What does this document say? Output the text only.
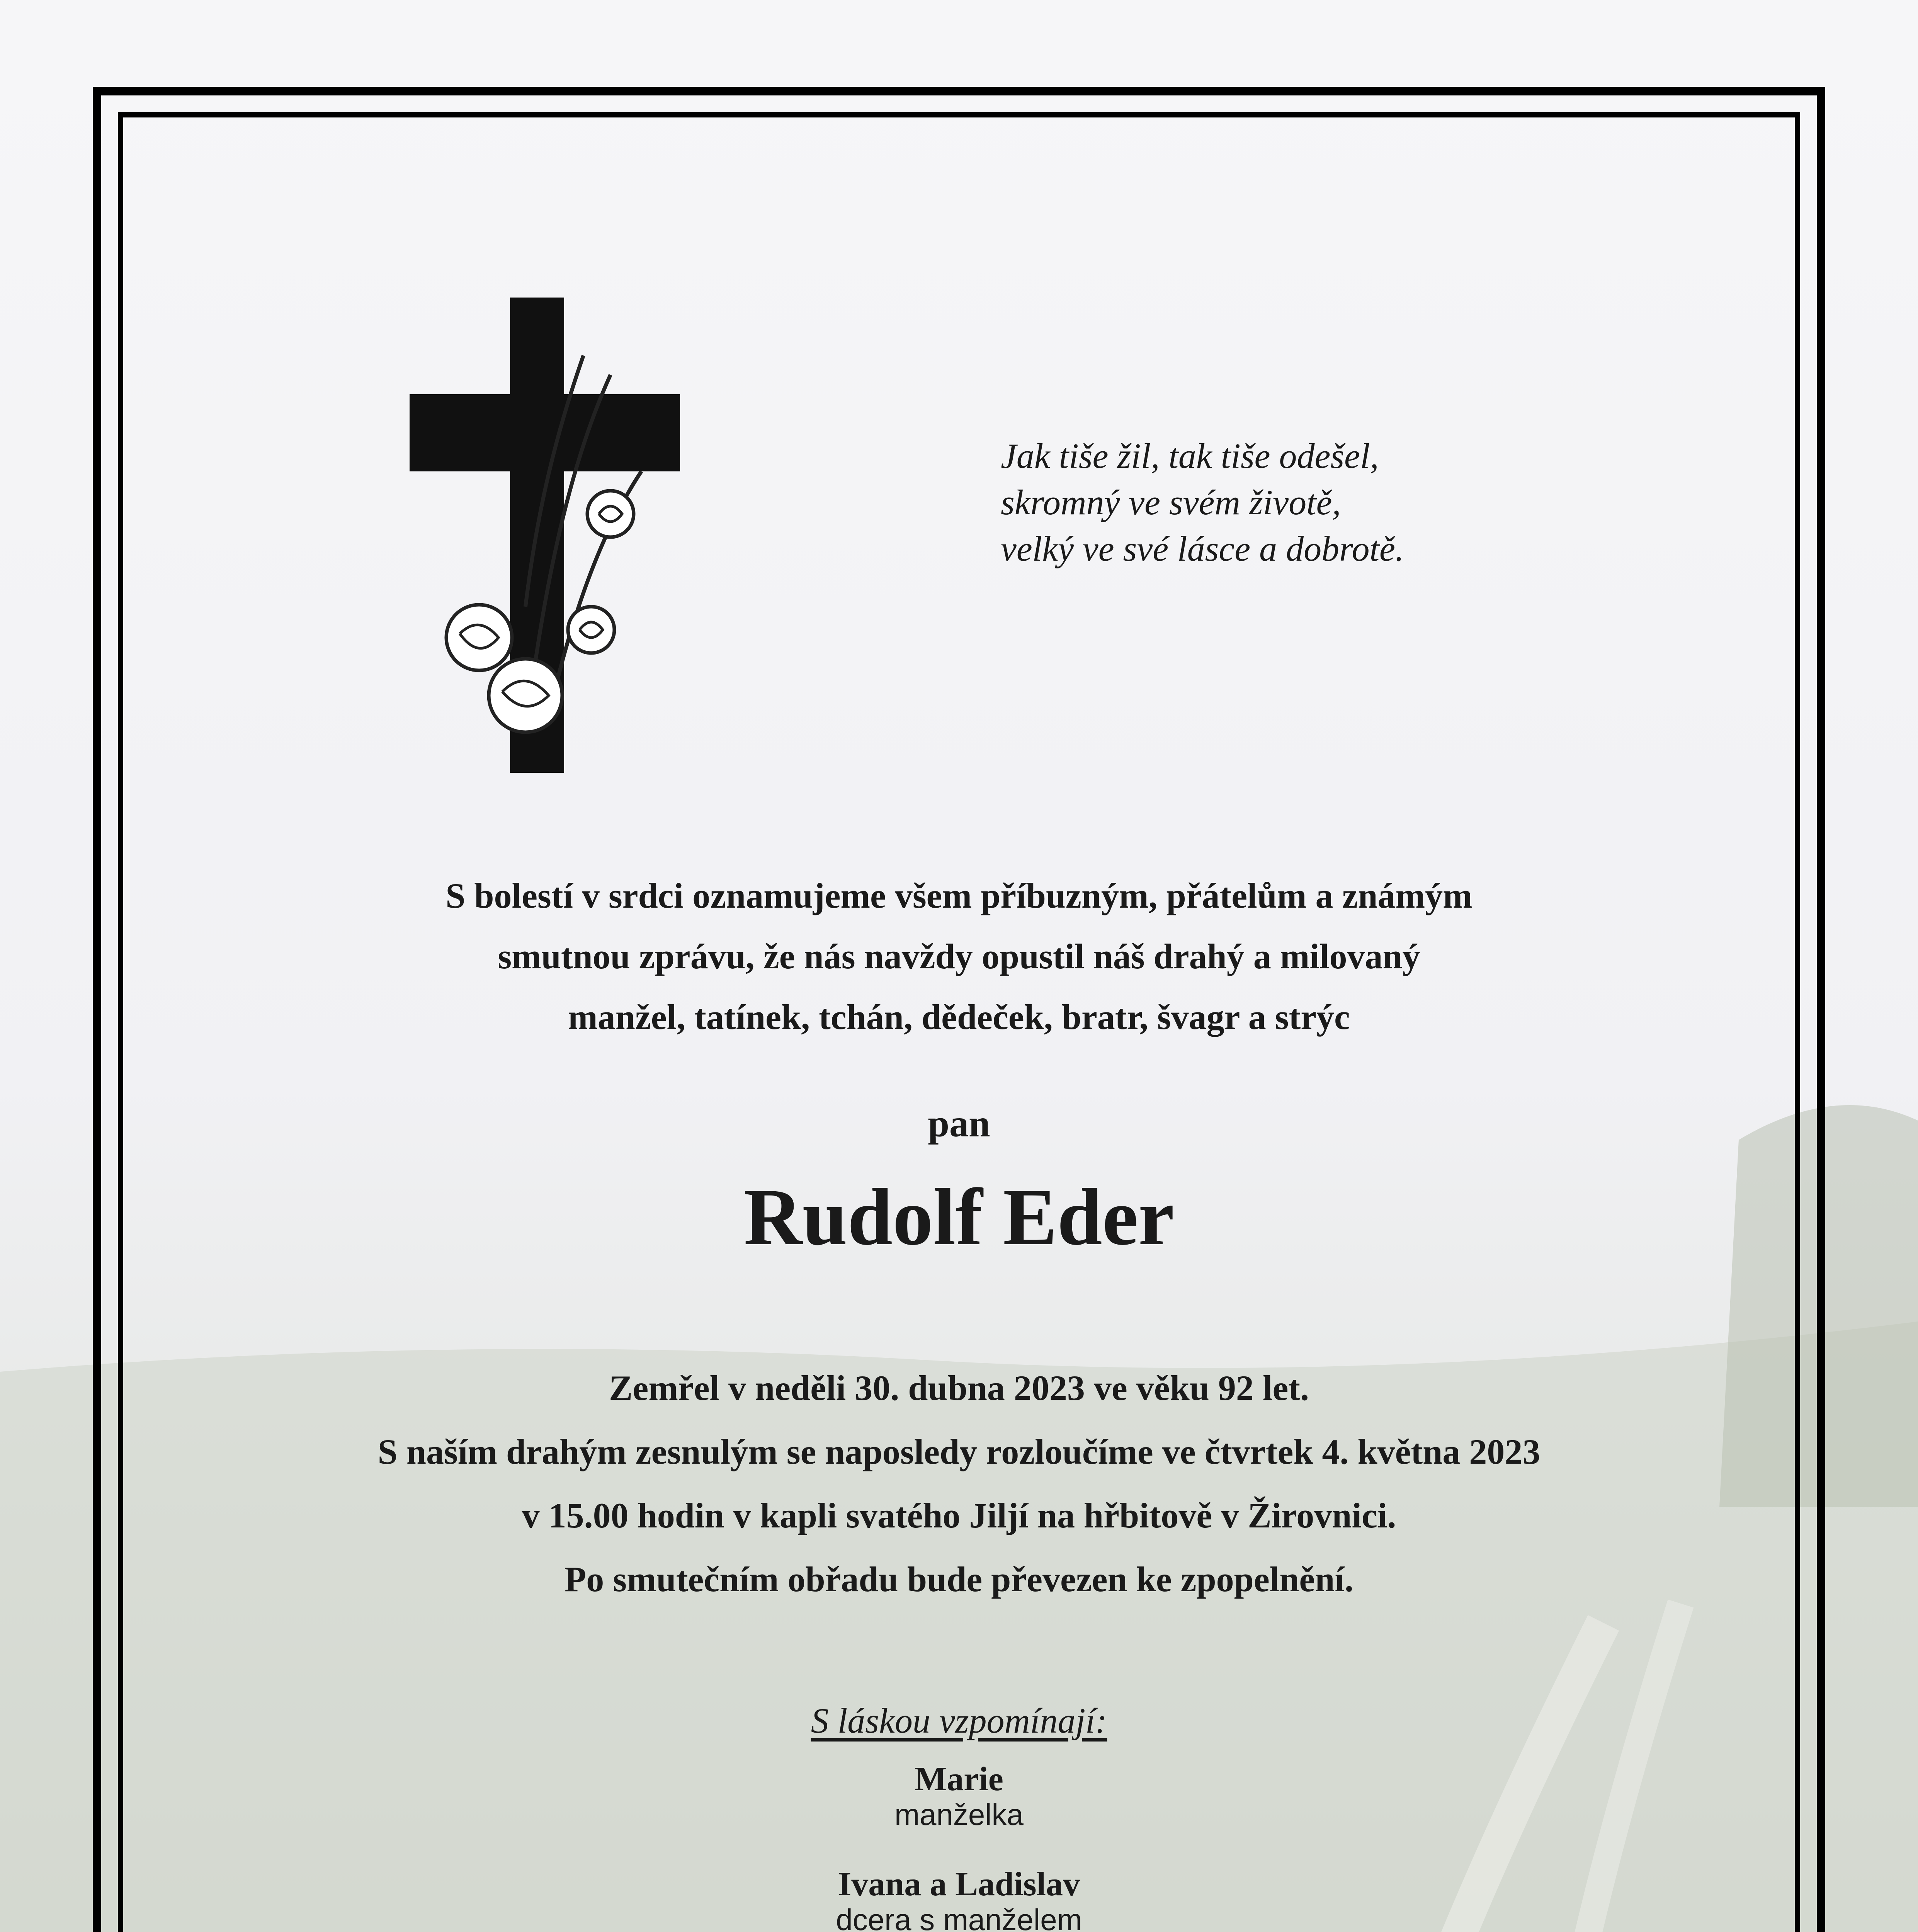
Jak tiše žil, tak tiše odešel,
skromný ve svém životě,
velký ve své lásce a dobrotě.
S bolestí v srdci oznamujeme všem příbuzným, přátelům a známým
smutnou zprávu, že nás navždy opustil náš drahý a milovaný
manžel, tatínek, tchán, dědeček, bratr, švagr a strýc
pan
Rudolf Eder
Zemřel v neděli 30. dubna 2023 ve věku 92 let.
S naším drahým zesnulým se naposledy rozloučíme ve čtvrtek 4. května 2023
v 15.00 hodin v kapli svatého Jiljí na hřbitově v Žirovnici.
Po smutečním obřadu bude převezen ke zpopelnění.
S láskou vzpomínají:
Marie
manželka
Ivana a Ladislav
dcera s manželem
